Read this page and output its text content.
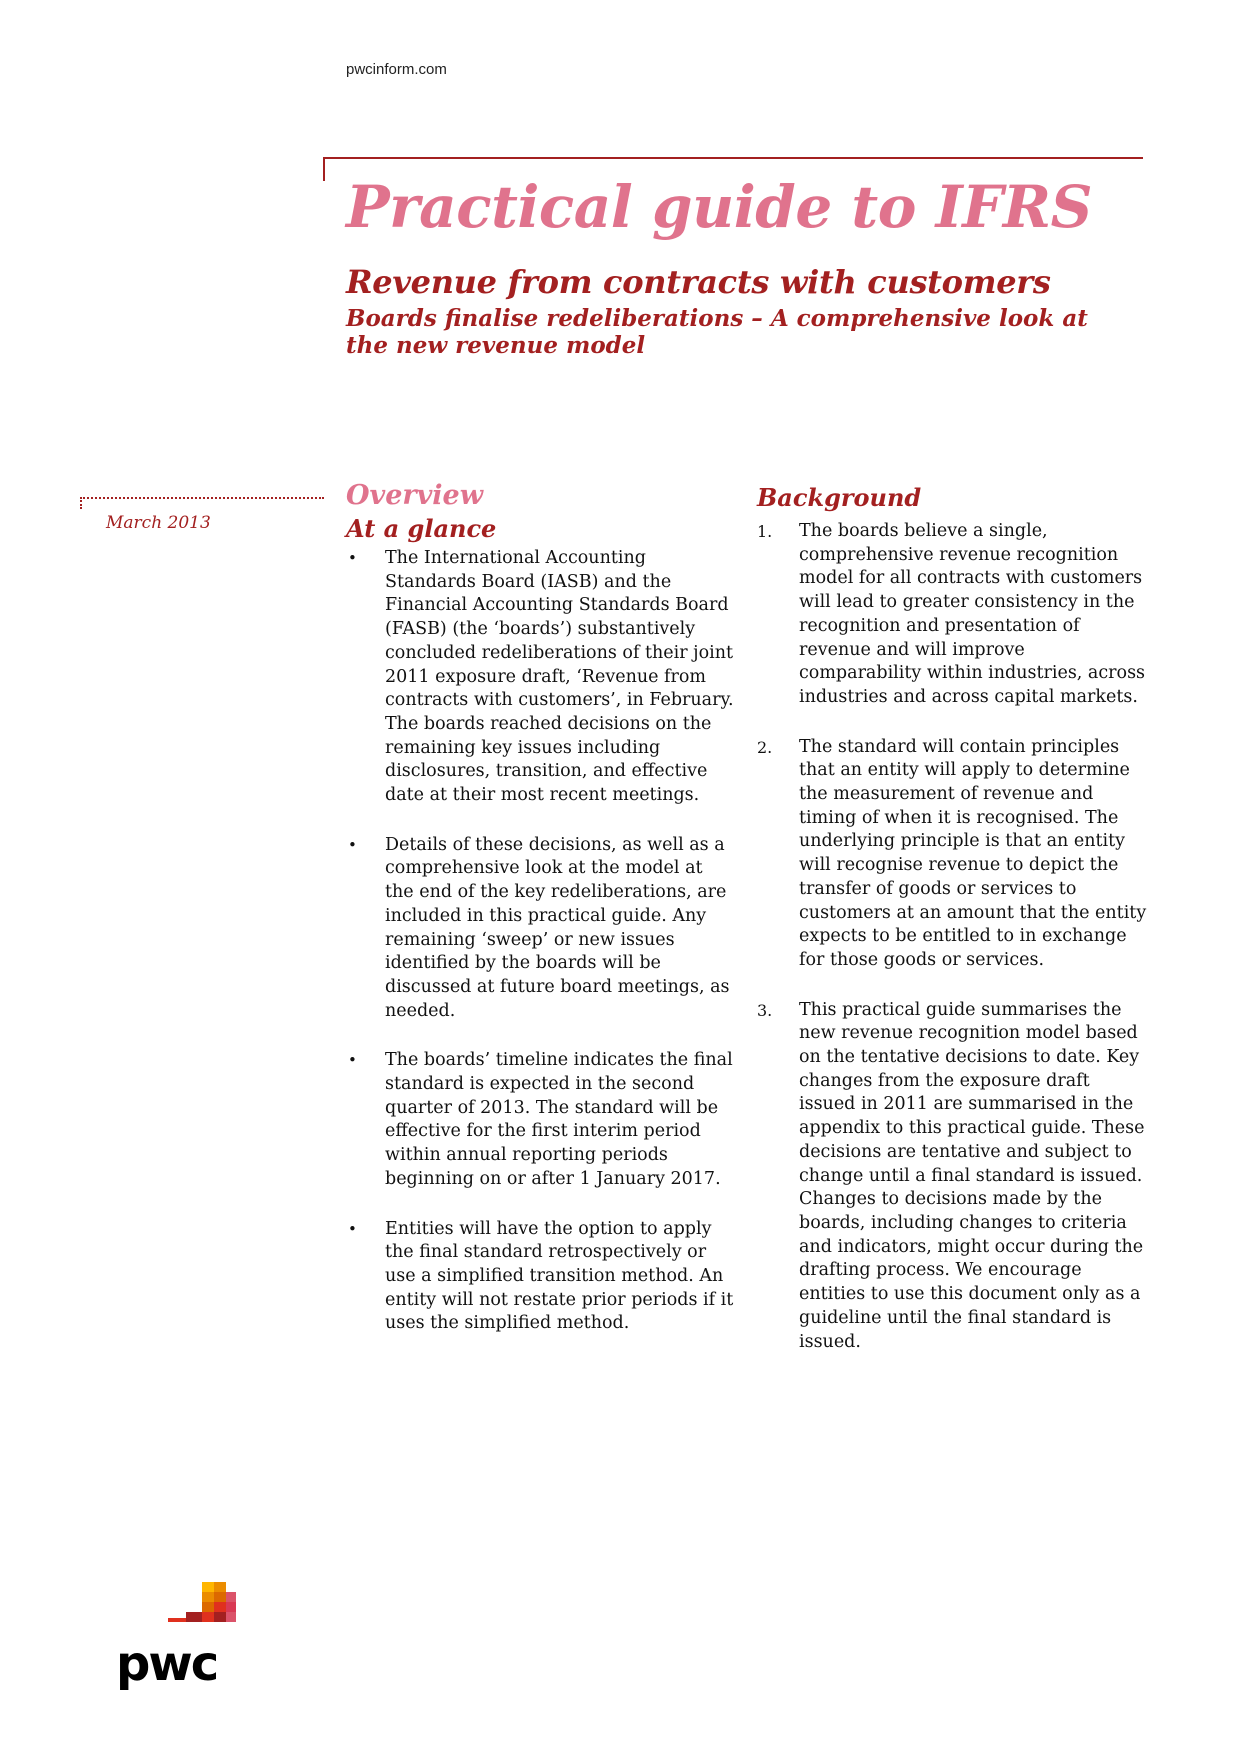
pwcinform.com
Practical guide to IFRS
Revenue from contracts with customers
Boards finalise redeliberations – A comprehensive look at the new revenue model
March 2013
Overview
At a glance
• The International Accounting Standards Board (IASB) and the Financial Accounting Standards Board (FASB) (the ‘boards’) substantively concluded redeliberations of their joint 2011 exposure draft, ‘Revenue from contracts with customers’, in February. The boards reached decisions on the remaining key issues including disclosures, transition, and effective date at their most recent meetings.
• Details of these decisions, as well as a comprehensive look at the model at the end of the key redeliberations, are included in this practical guide. Any remaining ‘sweep’ or new issues identified by the boards will be discussed at future board meetings, as needed.
• The boards’ timeline indicates the final standard is expected in the second quarter of 2013. The standard will be effective for the first interim period within annual reporting periods beginning on or after 1 January 2017.
• Entities will have the option to apply the final standard retrospectively or use a simplified transition method. An entity will not restate prior periods if it uses the simplified method.
Background
1. The boards believe a single, comprehensive revenue recognition model for all contracts with customers will lead to greater consistency in the recognition and presentation of revenue and will improve comparability within industries, across industries and across capital markets.
2. The standard will contain principles that an entity will apply to determine the measurement of revenue and timing of when it is recognised. The underlying principle is that an entity will recognise revenue to depict the transfer of goods or services to customers at an amount that the entity expects to be entitled to in exchange for those goods or services.
3. This practical guide summarises the new revenue recognition model based on the tentative decisions to date. Key changes from the exposure draft issued in 2011 are summarised in the appendix to this practical guide. These decisions are tentative and subject to change until a final standard is issued. Changes to decisions made by the boards, including changes to criteria and indicators, might occur during the drafting process. We encourage entities to use this document only as a guideline until the final standard is issued.
pwc
